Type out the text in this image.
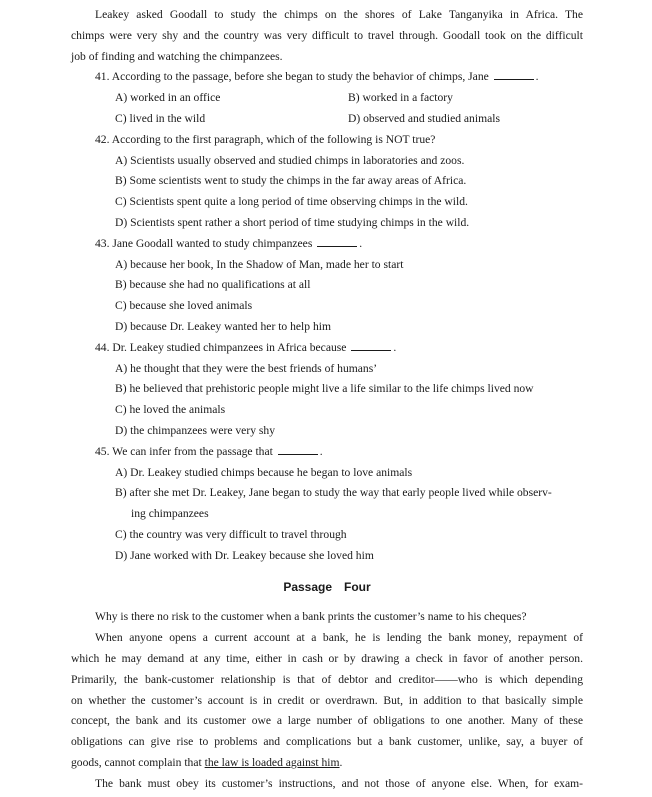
Leakey asked Goodall to study the chimps on the shores of Lake Tanganyika in Africa. The
chimps were very shy and the country was very difficult to travel through. Goodall took on the difficult
job of finding and watching the chimpanzees.
41. According to the passage, before she began to study the behavior of chimps, Jane	.
A) worked in an office	B) worked in a factory
C) lived in the wild	D) observed and studied animals
42. According to the first paragraph, which of the following is NOT true?
A) Scientists usually observed and studied chimps in laboratories and zoos.
B) Some scientists went to study the chimps in the far away areas of Africa.
C) Scientists spent quite a long period of time observing chimps in the wild.
D) Scientists spent rather a short period of time studying chimps in the wild.
43. Jane Goodall wanted to study chimpanzees	.
A) because her book, In the Shadow of Man, made her to start
B) because she had no qualifications at all
C) because she loved animals
D) because Dr. Leakey wanted her to help him
44. Dr. Leakey studied chimpanzees in Africa because	.
A) he thought that they were the best friends of humans’
B) he believed that prehistoric people might live a life similar to the life chimps lived now
C) he loved the animals
D) the chimpanzees were very shy
45. We can infer from the passage that	.
A) Dr. Leakey studied chimps because he began to love animals
B) after she met Dr. Leakey, Jane began to study the way that early people lived while observ-
ing chimpanzees
C) the country was very difficult to travel through
D) Jane worked with Dr. Leakey because she loved him
Passage　Four
Why is there no risk to the customer when a bank prints the customer’s name to his cheques?
When anyone opens a current account at a bank, he is lending the bank money, repayment of
which he may demand at any time, either in cash or by drawing a check in favor of another person.
Primarily, the bank-customer relationship is that of debtor and creditor——who is which depending
on whether the customer’s account is in credit or overdrawn. But, in addition to that basically simple
concept, the bank and its customer owe a large number of obligations to one another. Many of these
obligations can give rise to problems and complications but a bank customer, unlike, say, a buyer of
goods, cannot complain that the law is loaded against him.
The bank must obey its customer’s instructions, and not those of anyone else. When, for exam-
